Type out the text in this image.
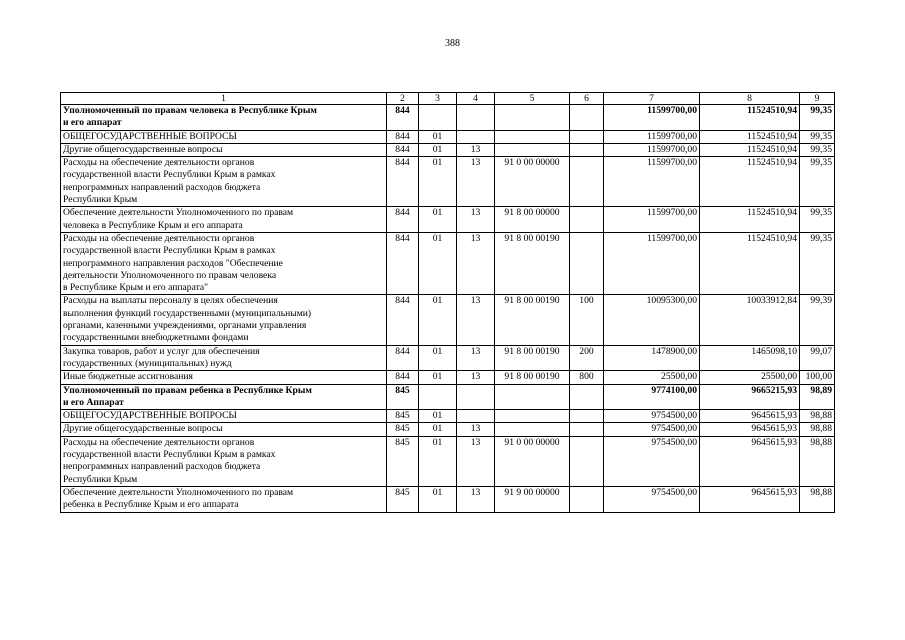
388
1	2	3	4	5	6	7	8	9
Уполномоченный по правам человека в Республике Крым
и его аппарат	844					11599700,00	11524510,94	99,35
ОБЩЕГОСУДАРСТВЕННЫЕ ВОПРОСЫ	844	01				11599700,00	11524510,94	99,35
Другие общегосударственные вопросы	844	01	13			11599700,00	11524510,94	99,35
Расходы на обеспечение деятельности органов
государственной власти Республики Крым в рамках
непрограммных направлений расходов бюджета
Республики Крым	844	01	13	91 0 00 00000		11599700,00	11524510,94	99,35
Обеспечение деятельности Уполномоченного по правам
человека в Республике Крым и его аппарата	844	01	13	91 8 00 00000		11599700,00	11524510,94	99,35
Расходы на обеспечение деятельности органов
государственной власти Республики Крым в рамках
непрограммного направления расходов "Обеспечение
деятельности Уполномоченного по правам человека
в Республике Крым и его аппарата"	844	01	13	91 8 00 00190		11599700,00	11524510,94	99,35
Расходы на выплаты персоналу в целях обеспечения
выполнения функций государственными (муниципальными)
органами, казенными учреждениями, органами управления
государственными внебюджетными фондами	844	01	13	91 8 00 00190	100	10095300,00	10033912,84	99,39
Закупка товаров, работ и услуг для обеспечения
государственных (муниципальных) нужд	844	01	13	91 8 00 00190	200	1478900,00	1465098,10	99,07
Иные бюджетные ассигнования	844	01	13	91 8 00 00190	800	25500,00	25500,00	100,00
Уполномоченный по правам ребенка в Республике Крым
и его Аппарат	845					9774100,00	9665215,93	98,89
ОБЩЕГОСУДАРСТВЕННЫЕ ВОПРОСЫ	845	01				9754500,00	9645615,93	98,88
Другие общегосударственные вопросы	845	01	13			9754500,00	9645615,93	98,88
Расходы на обеспечение деятельности органов
государственной власти Республики Крым в рамках
непрограммных направлений расходов бюджета
Республики Крым	845	01	13	91 0 00 00000		9754500,00	9645615,93	98,88
Обеспечение деятельности Уполномоченного по правам
ребенка в Республике Крым и его аппарата	845	01	13	91 9 00 00000		9754500,00	9645615,93	98,88
